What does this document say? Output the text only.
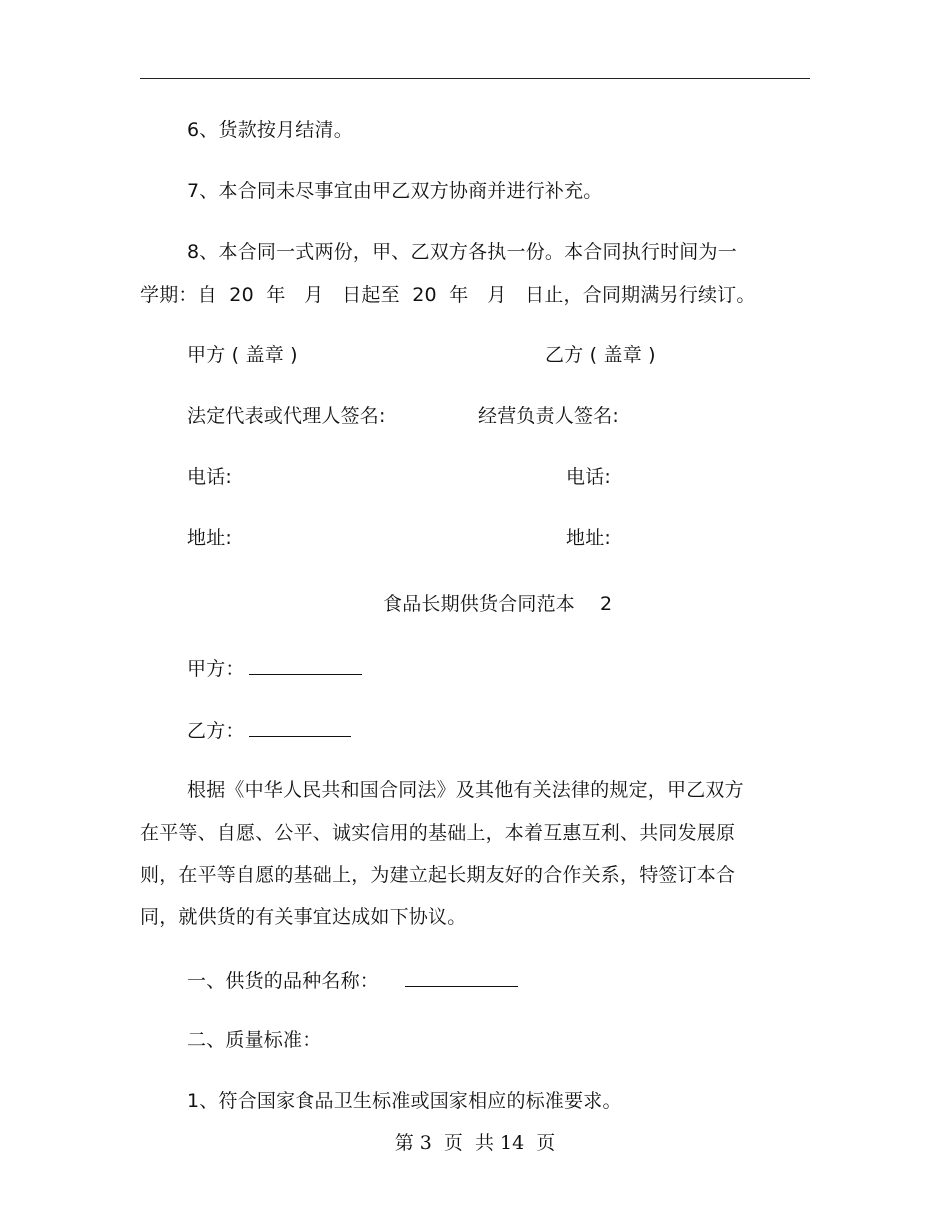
6、货款按月结清。
7、本合同未尽事宜由甲乙双方协商并进行补充。
8、本合同一式两份，甲、乙双方各执一份。本合同执行时间为一
学期：自  20  年   月   日起至  20  年   月   日止，合同期满另行续订。
甲方 ( 盖章 )	乙方 ( 盖章 )
法定代表或代理人签名:	经营负责人签名:
电话:	电话:
地址:	地址:
食品长期供货合同范本    2
甲方：
乙方：
根据《中华人民共和国合同法》及其他有关法律的规定，甲乙双方
在平等、自愿、公平、诚实信用的基础上，本着互惠互利、共同发展原
则，在平等自愿的基础上，为建立起长期友好的合作关系，特签订本合
同，就供货的有关事宜达成如下协议。
一、供货的品种名称：
二、质量标准：
1、符合国家食品卫生标准或国家相应的标准要求。
第 3  页  共 14  页
